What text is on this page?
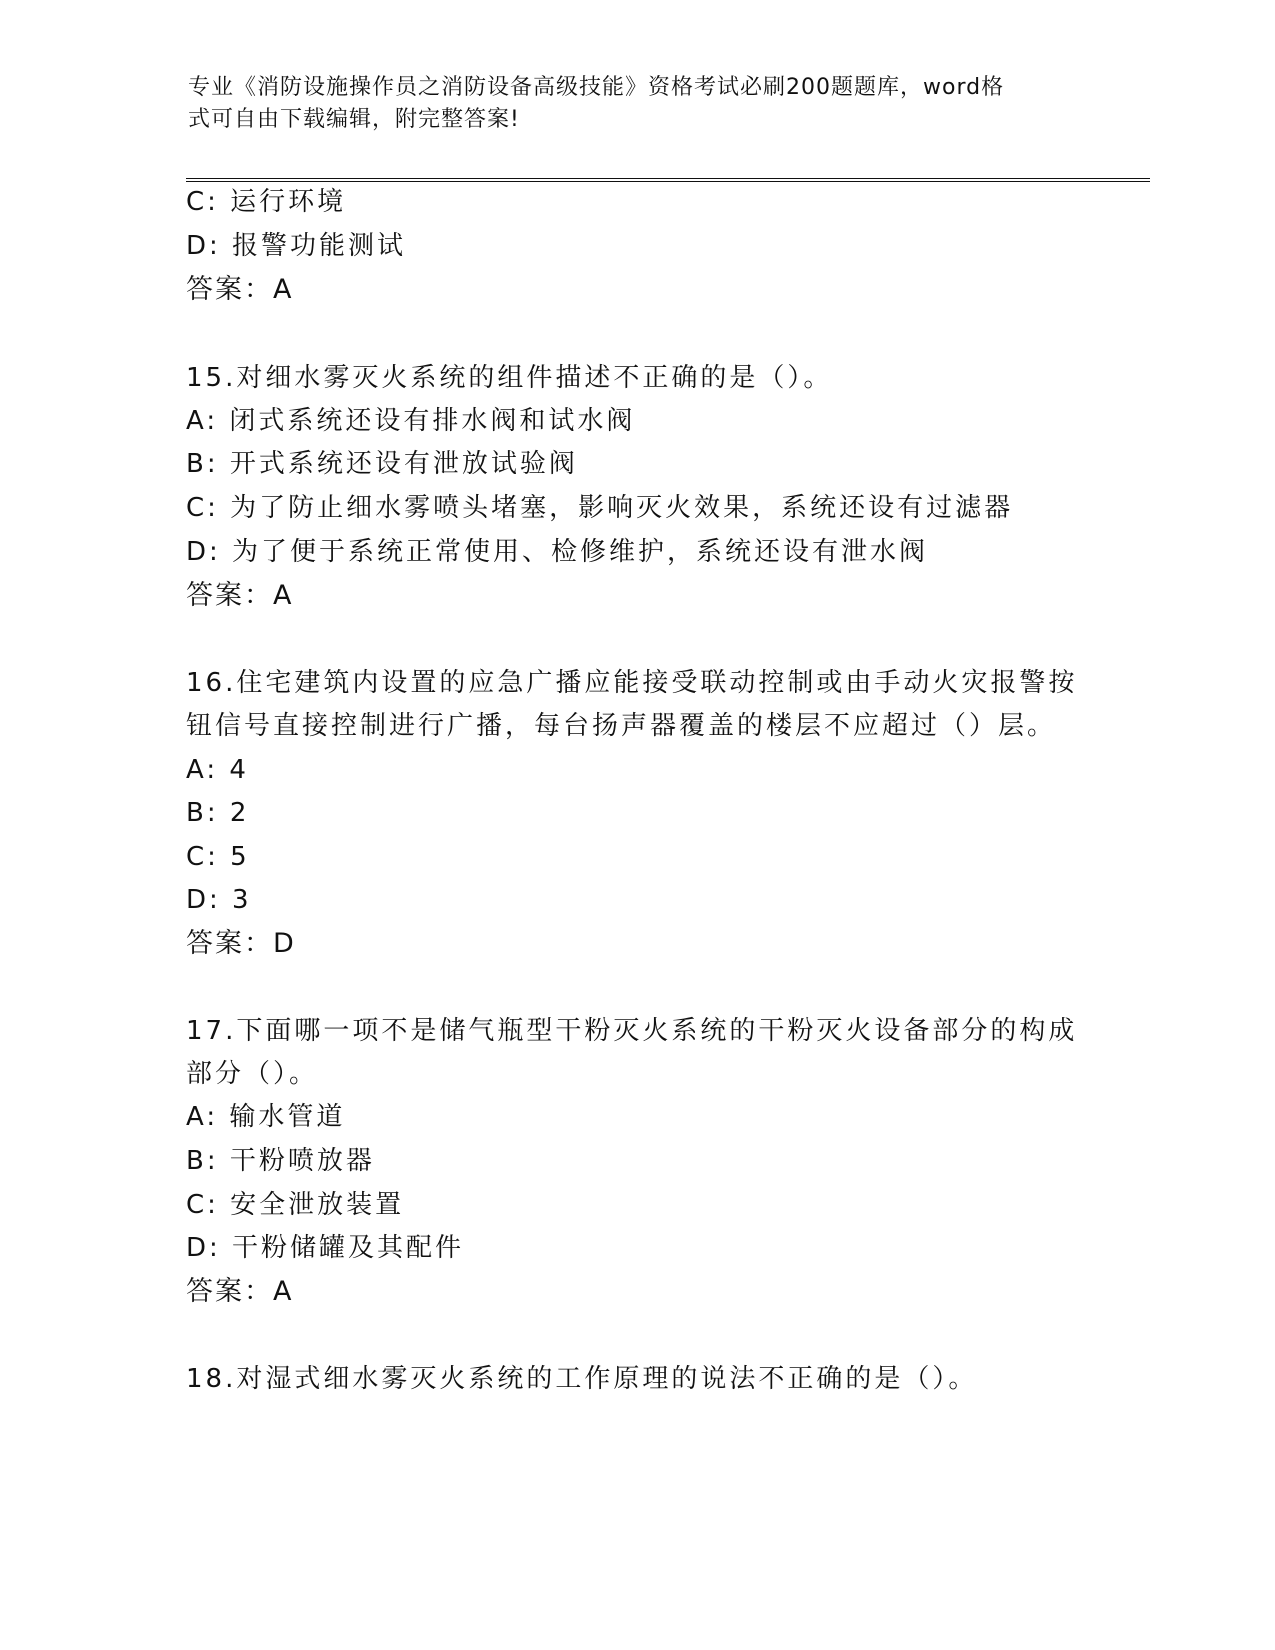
专业《消防设施操作员之消防设备高级技能》资格考试必刷200题题库，word格
式可自由下载编辑，附完整答案!
C: 运行环境
D: 报警功能测试
答案：A
15.对细水雾灭火系统的组件描述不正确的是（）。
A: 闭式系统还设有排水阀和试水阀
B: 开式系统还设有泄放试验阀
C: 为了防止细水雾喷头堵塞，影响灭火效果，系统还设有过滤器
D: 为了便于系统正常使用、检修维护，系统还设有泄水阀
答案：A
16.住宅建筑内设置的应急广播应能接受联动控制或由手动火灾报警按
钮信号直接控制进行广播，每台扬声器覆盖的楼层不应超过（）层。
A: 4
B: 2
C: 5
D: 3
答案：D
17.下面哪一项不是储气瓶型干粉灭火系统的干粉灭火设备部分的构成
部分（）。
A: 输水管道
B: 干粉喷放器
C: 安全泄放装置
D: 干粉储罐及其配件
答案：A
18.对湿式细水雾灭火系统的工作原理的说法不正确的是（）。
